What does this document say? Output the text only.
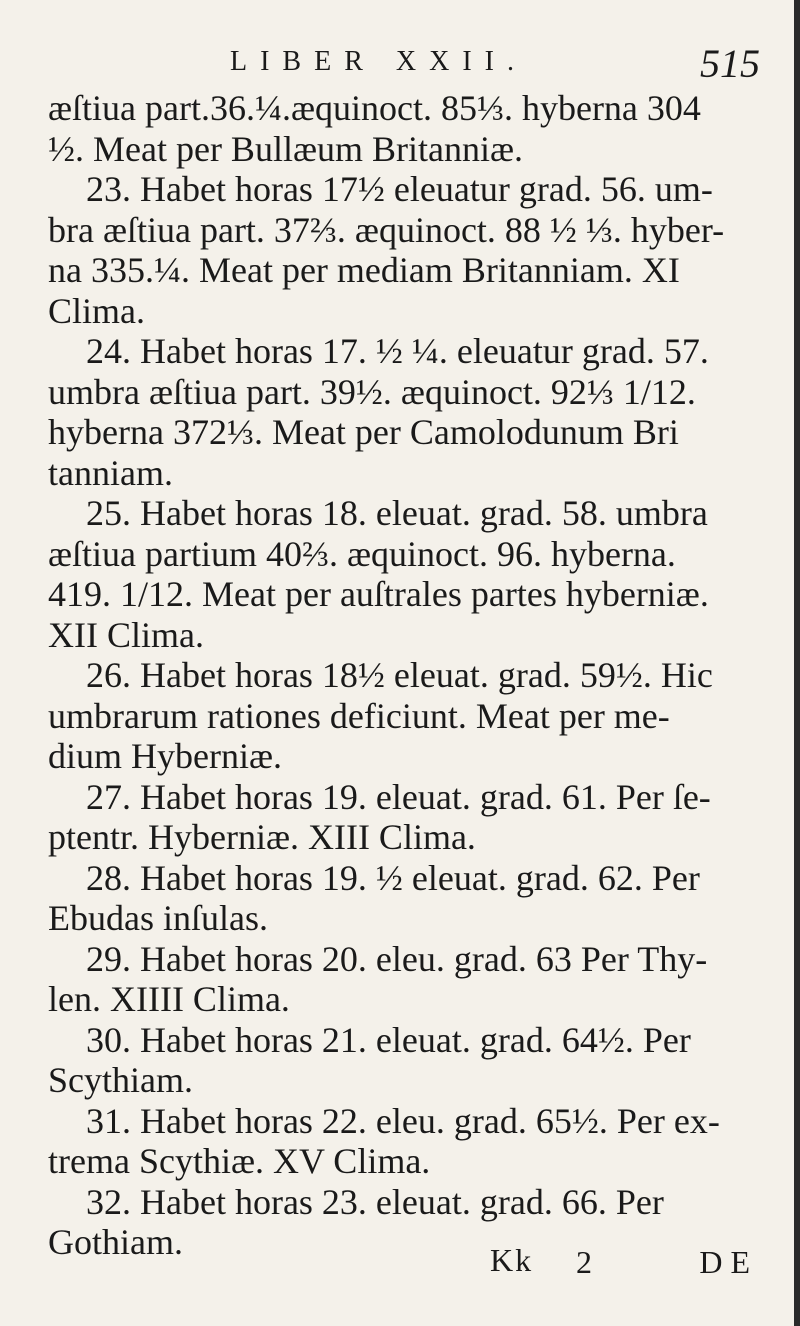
LIBER XXII.	515
æſtiua part.36.¼.æquinoct. 85⅓. hyberna 304
½. Meat per Bullæum Britanniæ.
23. Habet horas 17½ eleuatur grad. 56. um-
bra æſtiua part. 37⅔. æquinoct. 88 ½ ⅓. hyber-
na 335.¼. Meat per mediam Britanniam. XI
Clima.
24. Habet horas 17. ½ ¼. eleuatur grad. 57.
umbra æſtiua part. 39½. æquinoct. 92⅓ 1/12.
hyberna 372⅓. Meat per Camolodunum Bri
tanniam.
25. Habet horas 18. eleuat. grad. 58. umbra
æſtiua partium 40⅔. æquinoct. 96. hyberna.
419. 1/12. Meat per auſtrales partes hyberniæ.
XII Clima.
26. Habet horas 18½ eleuat. grad. 59½. Hic
umbrarum rationes deficiunt. Meat per me-
dium Hyberniæ.
27. Habet horas 19. eleuat. grad. 61. Per ſe-
ptentr. Hyberniæ. XIII Clima.
28. Habet horas 19. ½ eleuat. grad. 62. Per
Ebudas inſulas.
29. Habet horas 20. eleu. grad. 63 Per Thy-
len. XIIII Clima.
30. Habet horas 21. eleuat. grad. 64½. Per
Scythiam.
31. Habet horas 22. eleu. grad. 65½. Per ex-
trema Scythiæ. XV Clima.
32. Habet horas 23. eleuat. grad. 66. Per
Gothiam.	Kk 2	DE
